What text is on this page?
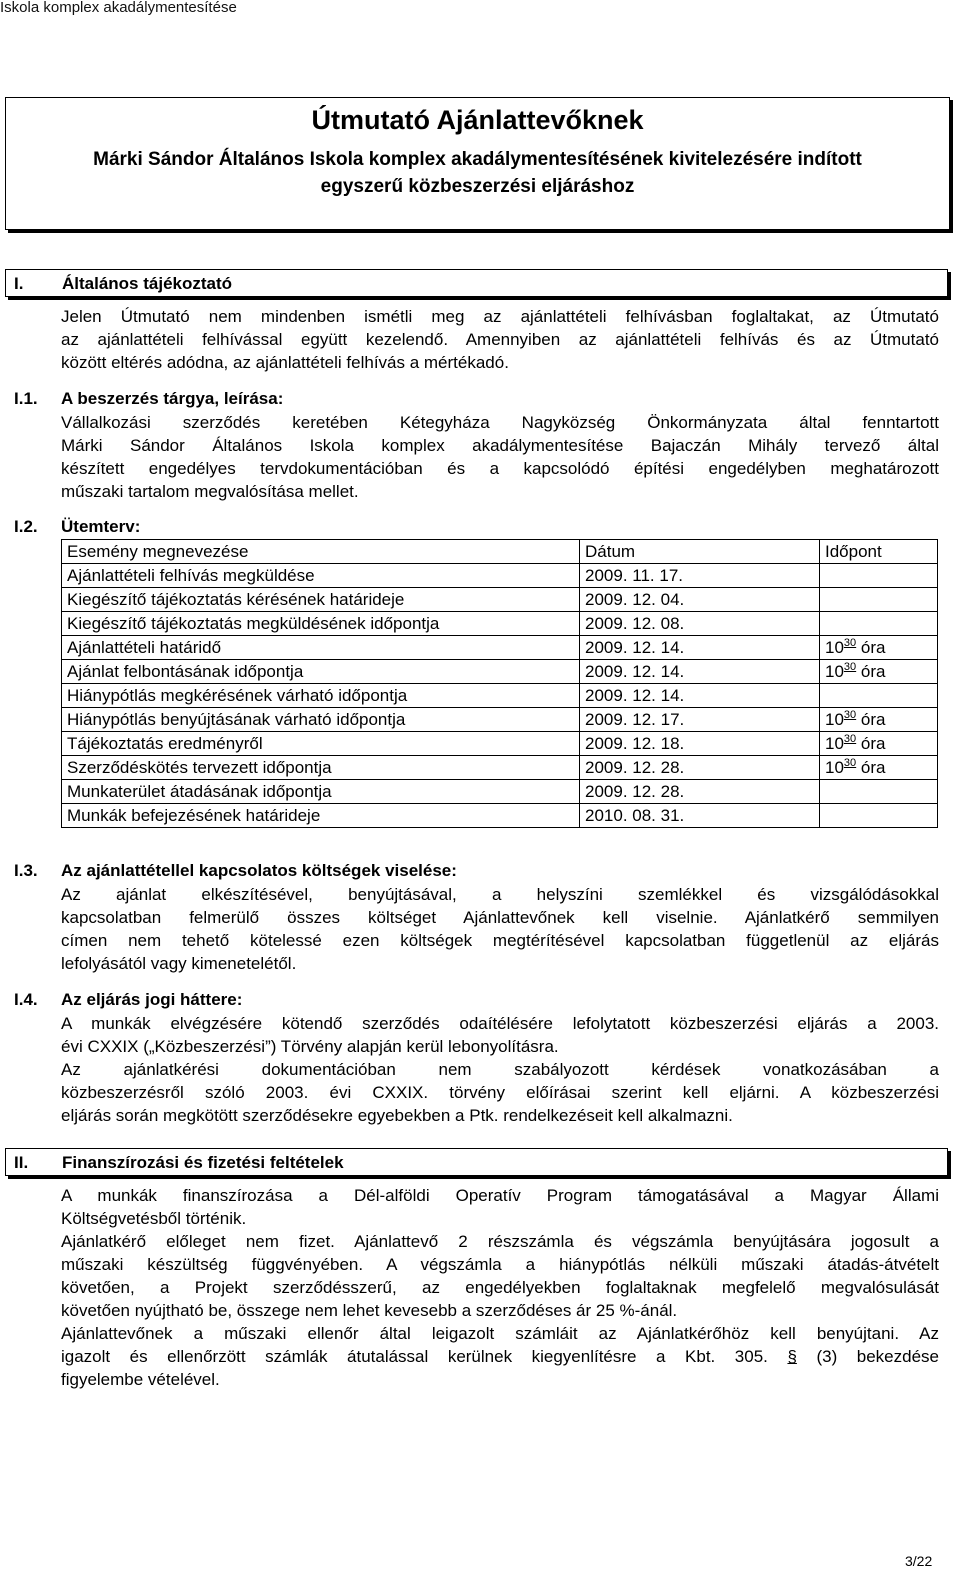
Iskola komplex akadálymentesítése
Útmutató Ajánlattevőknek
Márki Sándor Általános Iskola komplex akadálymentesítésének kivitelezésére indított
egyszerű közbeszerzési eljáráshoz
I. Általános tájékoztató
Jelen Útmutató nem mindenben ismétli meg az ajánlattételi felhívásban foglaltakat, az Útmutató
az ajánlattételi felhívással együtt kezelendő. Amennyiben az ajánlattételi felhívás és az Útmutató
között eltérés adódna, az ajánlattételi felhívás a mértékadó.
I.1. A beszerzés tárgya, leírása:
Vállalkozási szerződés keretében Kétegyháza Nagyközség Önkormányzata által fenntartott
Márki Sándor Általános Iskola komplex akadálymentesítése Bajaczán Mihály tervező által
készített engedélyes tervdokumentációban és a kapcsolódó építési engedélyben meghatározott
műszaki tartalom megvalósítása mellet.
I.2. Ütemterv:
Esemény megnevezése	Dátum	Időpont
Ajánlattételi felhívás megküldése	2009. 11. 17.	
Kiegészítő tájékoztatás kérésének határideje	2009. 12. 04.	
Kiegészítő tájékoztatás megküldésének időpontja	2009. 12. 08.	
Ajánlattételi határidő	2009. 12. 14.	$10^{30}$ óra
Ajánlat felbontásának időpontja	2009. 12. 14.	$10^{30}$ óra
Hiánypótlás megkérésének várható időpontja	2009. 12. 14.	
Hiánypótlás benyújtásának várható időpontja	2009. 12. 17.	$10^{30}$ óra
Tájékoztatás eredményről	2009. 12. 18.	$10^{30}$ óra
Szerződéskötés tervezett időpontja	2009. 12. 28.	$10^{30}$ óra
Munkaterület átadásának időpontja	2009. 12. 28.	
Munkák befejezésének határideje	2010. 08. 31.	
I.3. Az ajánlattétellel kapcsolatos költségek viselése:
Az ajánlat elkészítésével, benyújtásával, a helyszíni szemlékkel és vizsgálódásokkal
kapcsolatban felmerülő összes költséget Ajánlattevőnek kell viselnie. Ajánlatkérő semmilyen
címen nem tehető kötelessé ezen költségek megtérítésével kapcsolatban függetlenül az eljárás
lefolyásától vagy kimenetelétől.
I.4. Az eljárás jogi háttere:
A munkák elvégzésére kötendő szerződés odaítélésére lefolytatott közbeszerzési eljárás a 2003.
évi CXXIX („Közbeszerzési”) Törvény alapján kerül lebonyolításra.
Az ajánlatkérési dokumentációban nem szabályozott kérdések vonatkozásában a
közbeszerzésről szóló 2003. évi CXXIX. törvény előírásai szerint kell eljárni. A közbeszerzési
eljárás során megkötött szerződésekre egyebekben a Ptk. rendelkezéseit kell alkalmazni.
II. Finanszírozási és fizetési feltételek
A munkák finanszírozása a Dél-alföldi Operatív Program támogatásával a Magyar Állami
Költségvetésből történik.
Ajánlatkérő előleget nem fizet. Ajánlattevő 2 részszámla és végszámla benyújtására jogosult a
műszaki készültség függvényében. A végszámla a hiánypótlás nélküli műszaki átadás-átvételt
követően, a Projekt szerződésszerű, az engedélyekben foglaltaknak megfelelő megvalósulását
követően nyújtható be, összege nem lehet kevesebb a szerződéses ár 25 %-ánál.
Ajánlattevőnek a műszaki ellenőr által leigazolt számláit az Ajánlatkérőhöz kell benyújtani. Az
igazolt és ellenőrzött számlák átutalással kerülnek kiegyenlítésre a Kbt. 305. § (3) bekezdése
figyelembe vételével.
3/22
